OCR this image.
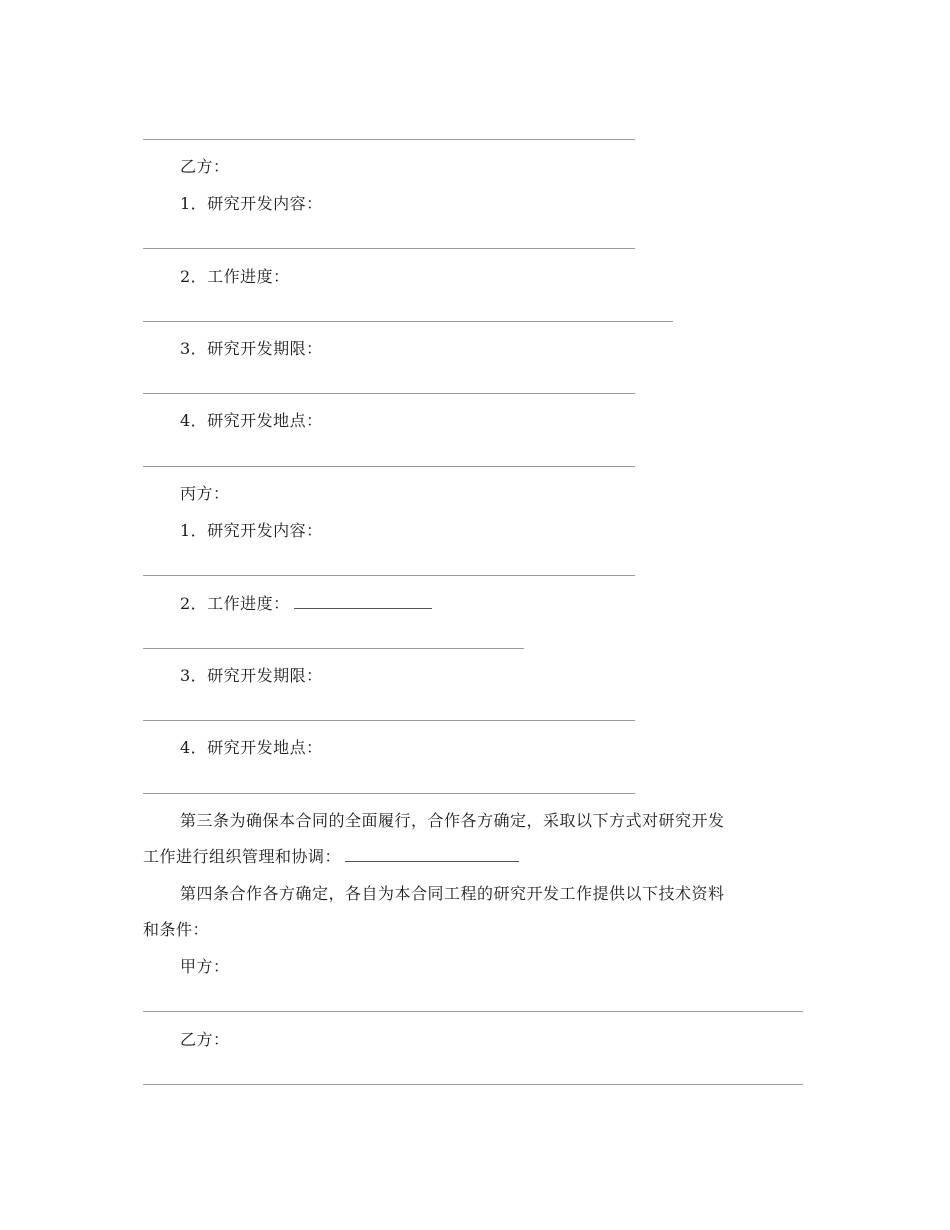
乙方：
1．研究开发内容：
2．工作进度：
3．研究开发期限：
4．研究开发地点：
丙方：
1．研究开发内容：
2．工作进度：
3．研究开发期限：
4．研究开发地点：
第三条为确保本合同的全面履行，合作各方确定，采取以下方式对研究开发
工作进行组织管理和协调：
第四条合作各方确定，各自为本合同工程的研究开发工作提供以下技术资料
和条件：
甲方：
乙方：
